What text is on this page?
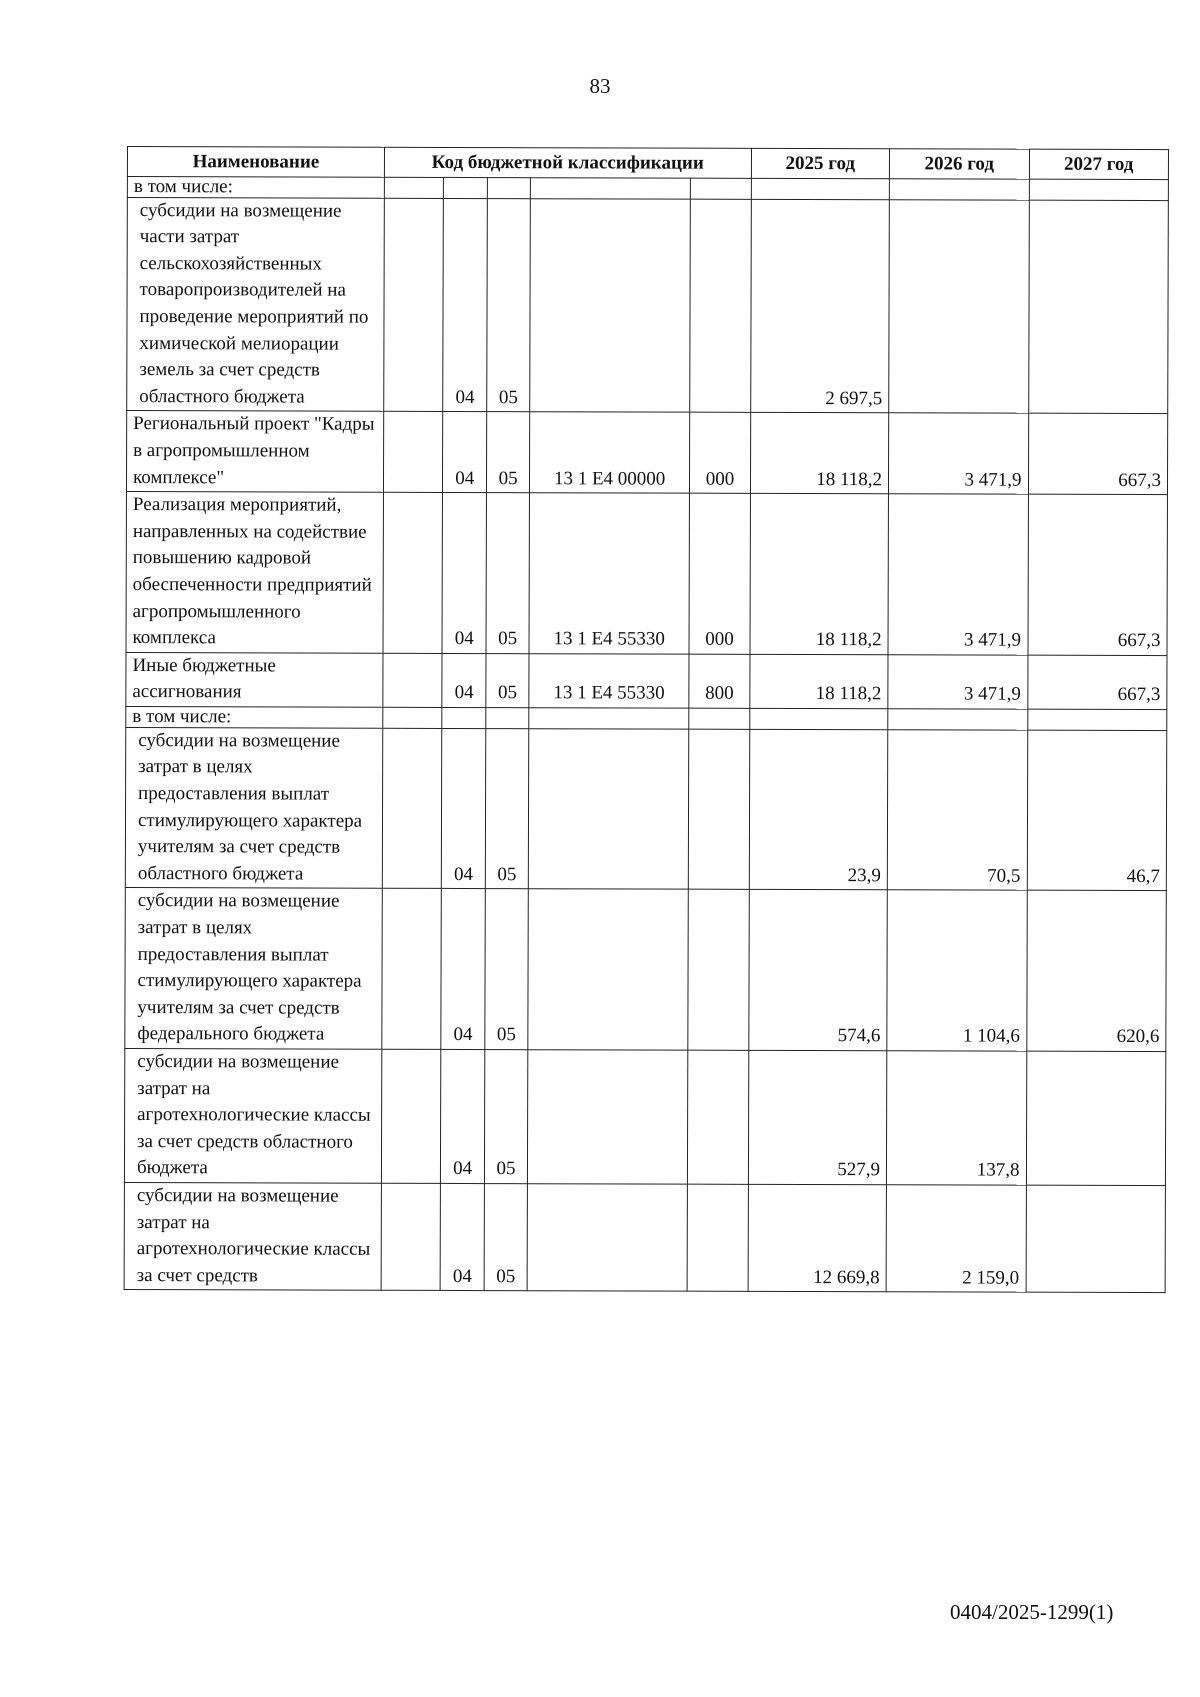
83
Наименование	Код бюджетной классификации					2025 год	2026 год	2027 год
в том числе:								
субсидии на возмещение части затрат сельскохозяйственных товаропроизводителей на проведение мероприятий по химической мелиорации земель за счет средств областного бюджета		04	05			2 697,5		
Региональный проект "Кадры в агропромышленном комплексе"		04	05	13 1 E4 00000	000	18 118,2	3 471,9	667,3
Реализация мероприятий, направленных на содействие повышению кадровой обеспеченности предприятий агропромышленного комплекса		04	05	13 1 E4 55330	000	18 118,2	3 471,9	667,3
Иные бюджетные ассигнования		04	05	13 1 E4 55330	800	18 118,2	3 471,9	667,3
в том числе:								
субсидии на возмещение затрат в целях предоставления выплат стимулирующего характера учителям за счет средств областного бюджета		04	05			23,9	70,5	46,7
субсидии на возмещение затрат в целях предоставления выплат стимулирующего характера учителям за счет средств федерального бюджета		04	05			574,6	1 104,6	620,6
субсидии на возмещение затрат на агротехнологические классы за счет средств областного бюджета		04	05			527,9	137,8	
субсидии на возмещение затрат на агротехнологические классы за счет средств		04	05			12 669,8	2 159,0	
0404/2025-1299(1)
